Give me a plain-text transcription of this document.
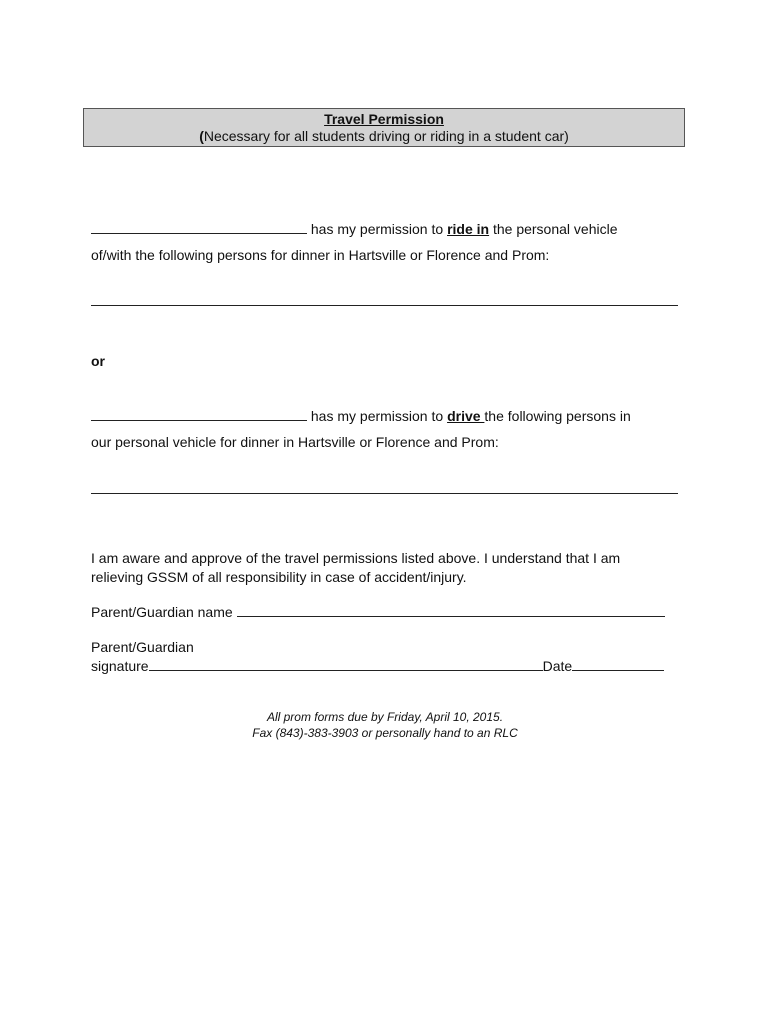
Travel Permission
(Necessary for all students driving or riding in a student car)
has my permission to ride in the personal vehicle
of/with the following persons for dinner in Hartsville or Florence and Prom:
or
has my permission to drive the following persons in
our personal vehicle for dinner in Hartsville or Florence and Prom:
I am aware and approve of the travel permissions listed above. I understand that I am
relieving GSSM of all responsibility in case of accident/injury.
Parent/Guardian name
Parent/Guardian
signature	Date
All prom forms due by Friday, April 10, 2015.
Fax (843)-383-3903 or personally hand to an RLC
